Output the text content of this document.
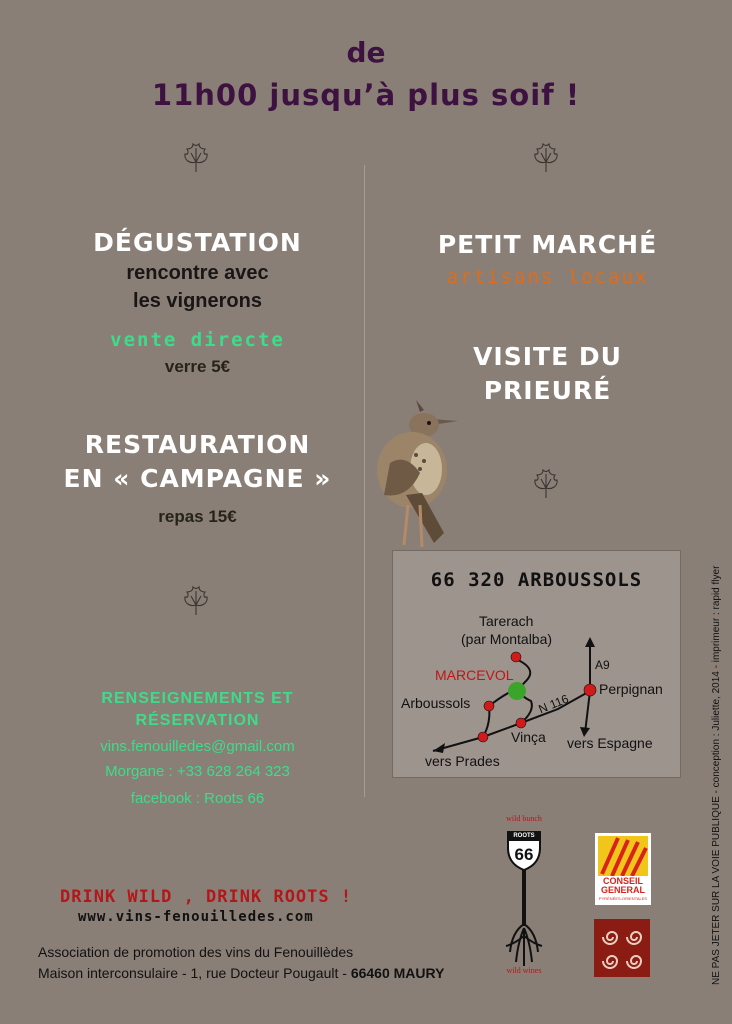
de
11h00 jusqu’à plus soif !
DÉGUSTATION
rencontre avec
les vignerons
vente directe
verre 5€
RESTAURATION
EN « CAMPAGNE »
repas 15€
RENSEIGNEMENTS ET
RÉSERVATION
vins.fenouilledes@gmail.com
Morgane : +33 628 264 323
facebook : Roots 66
PETIT MARCHÉ
artisans locaux
VISITE DU
PRIEURÉ
66 320 ARBOUSSOLS
Tarerach
(par Montalba)
MARCEVOL
Arboussols	N 116
Vinça
vers Prades
Perpignan
A9
vers Espagne	NE PAS JETER SUR LA VOIE PUBLIQUE - conception : Juliette, 2014 - imprimeur : rapid flyer
wild bunch
ROOTS
66
wild wines
CONSEIL
GENERAL
PYRÉNÉES-ORIENTALES
DRINK WILD , DRINK ROOTS !
www.vins-fenouilledes.com
Association de promotion des vins du Fenouillèdes
Maison interconsulaire - 1, rue Docteur Pougault - 66460 MAURY
